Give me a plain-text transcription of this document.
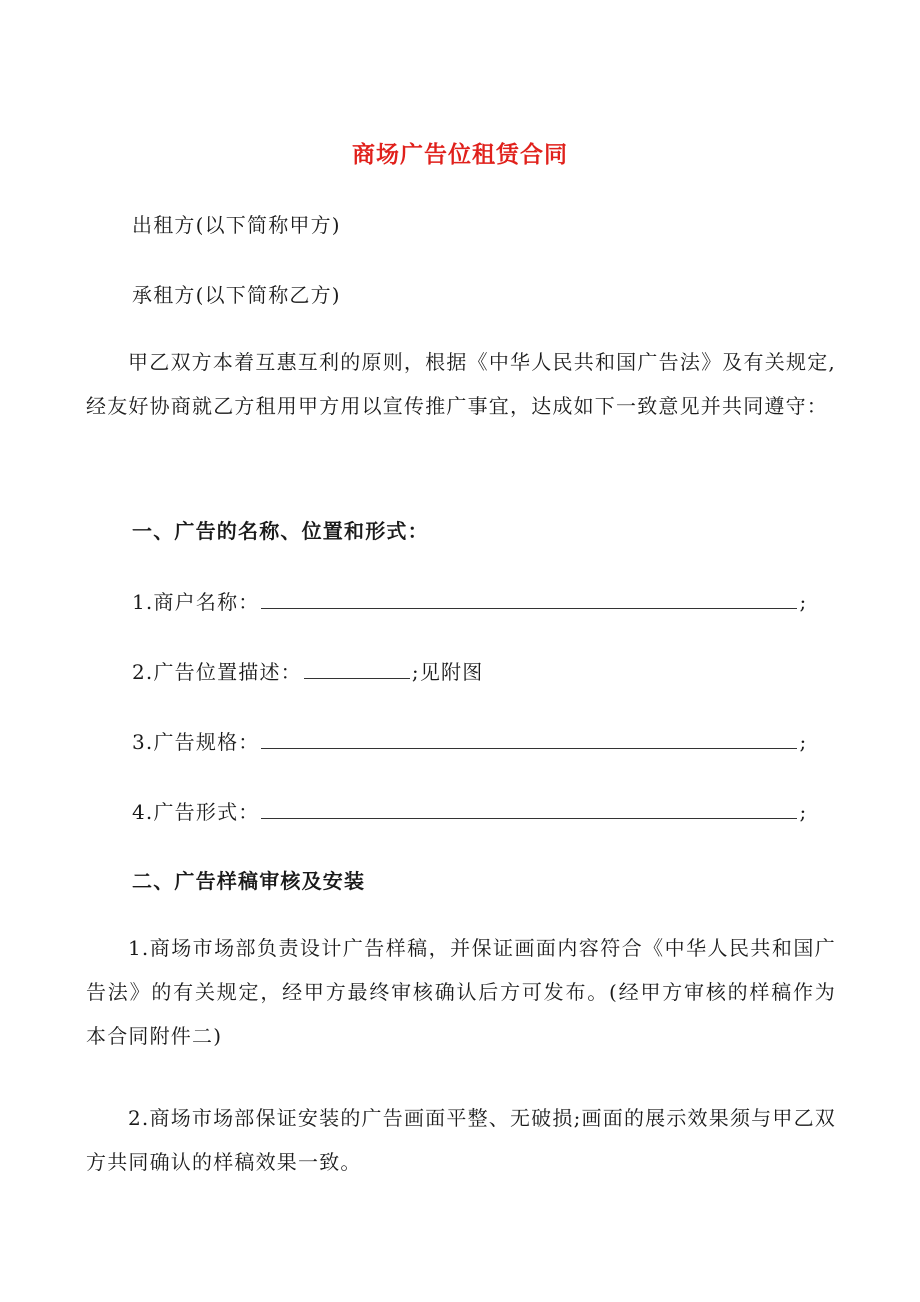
商场广告位租赁合同
出租方(以下简称甲方)
承租方(以下简称乙方)
甲乙双方本着互惠互利的原则，根据《中华人民共和国广告法》及有关规定,经友好协商就乙方租用甲方用以宣传推广事宜，达成如下一致意见并共同遵守：
一、广告的名称、位置和形式：
1.商户名称：	;
2.广告位置描述：	;见附图
3.广告规格：	;
4.广告形式：	;
二、广告样稿审核及安装
1.商场市场部负责设计广告样稿，并保证画面内容符合《中华人民共和国广告法》的有关规定，经甲方最终审核确认后方可发布。(经甲方审核的样稿作为本合同附件二)
2.商场市场部保证安装的广告画面平整、无破损;画面的展示效果须与甲乙双方共同确认的样稿效果一致。
